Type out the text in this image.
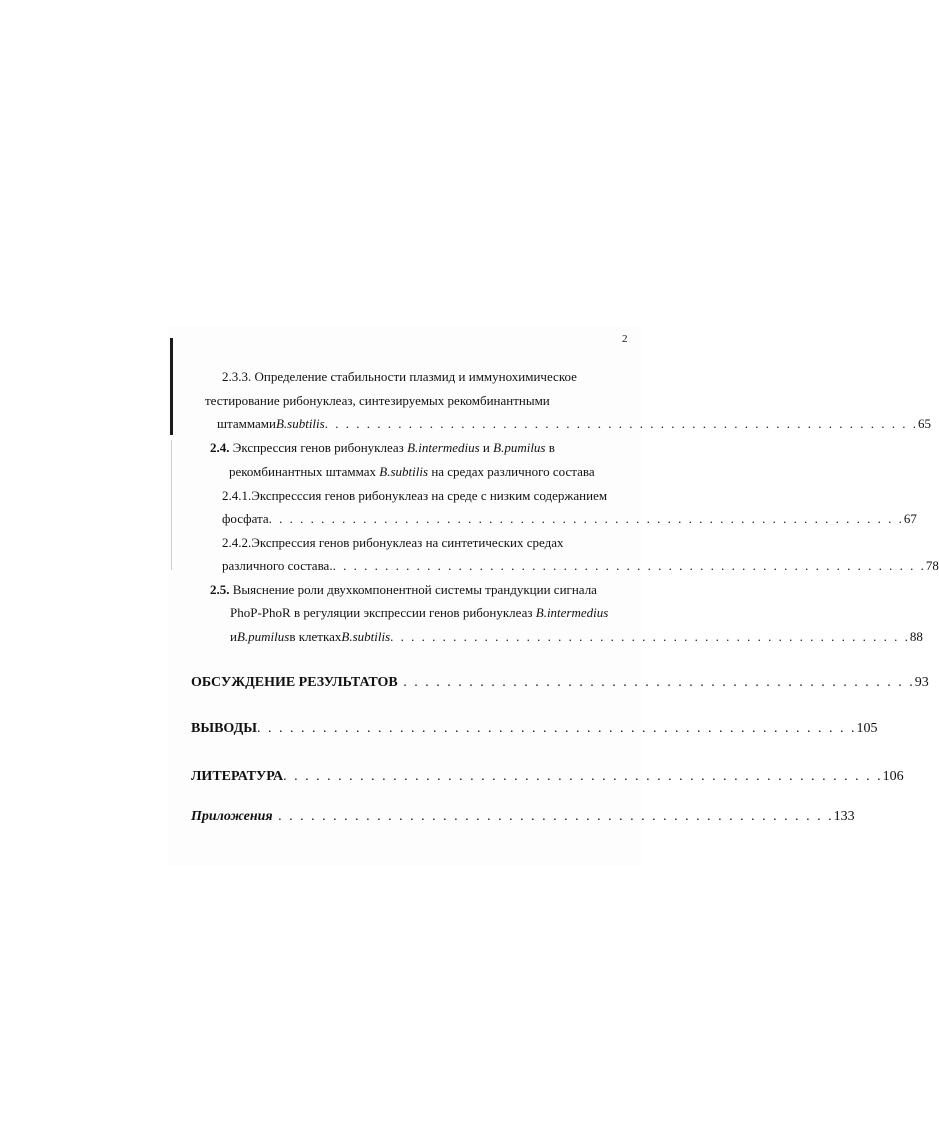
2
2.3.3. Определение стабильности плазмид и иммунохимическое
тестирование рибонуклеаз, синтезируемых рекомбинантными
штаммами B.subtilis . . . . . . . . . . . . . . . . . . . . . . . . . . . . . . . . . . . . . . . . . . . . . . . . . . . . . . . . . 65
2.4. Экспрессия генов рибонуклеаз B.intermedius и B.pumilus в
рекомбинантных штаммах B.subtilis на средах различного состава
2.4.1.Экспресссия генов рибонуклеаз на среде с низким содержанием
фосфата . . . . . . . . . . . . . . . . . . . . . . . . . . . . . . . . . . . . . . . . . . . . . . . . . . . . . . . . . . . . . 67
2.4.2.Экспрессия генов рибонуклеаз на синтетических средах
различного состава. . . . . . . . . . . . . . . . . . . . . . . . . . . . . . . . . . . . . . . . . . . . . . . . . . . . . . . . . . 78
2.5. Выяснение роли двухкомпонентной системы трандукции сигнала
PhoP-PhoR в регуляции экспрессии генов рибонуклеаз B.intermedius
и B.pumilus в клетках B.subtilis . . . . . . . . . . . . . . . . . . . . . . . . . . . . . . . . . . . . . . . . . . . . . . . . . . 88
ОБСУЖДЕНИЕ РЕЗУЛЬТАТОВ . . . . . . . . . . . . . . . . . . . . . . . . . . . . . . . . . . . . . . . . . . . . . . . 93
ВЫВОДЫ . . . . . . . . . . . . . . . . . . . . . . . . . . . . . . . . . . . . . . . . . . . . . . . . . . . . . . . 105
ЛИТЕРАТУРА . . . . . . . . . . . . . . . . . . . . . . . . . . . . . . . . . . . . . . . . . . . . . . . . . . . . . . . 106
Приложения . . . . . . . . . . . . . . . . . . . . . . . . . . . . . . . . . . . . . . . . . . . . . . . . . . . 133
